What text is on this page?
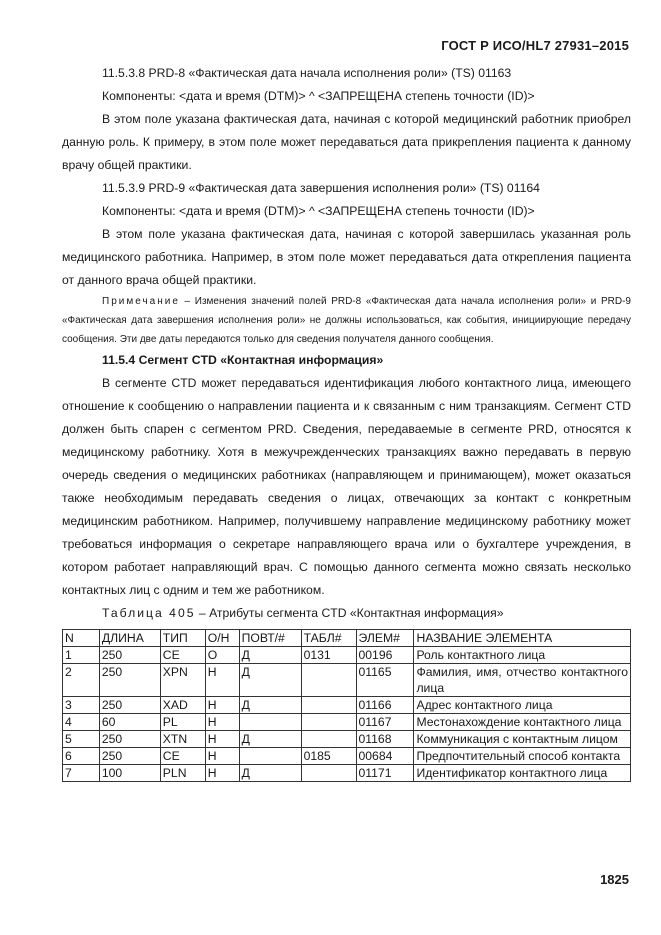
ГОСТ Р ИСО/HL7 27931–2015

11.5.3.8 PRD-8 «Фактическая дата начала исполнения роли» (TS) 01163

Компоненты: <дата и время (DTM)> ^ <ЗАПРЕЩЕНА степень точности (ID)>

В этом поле указана фактическая дата, начиная с которой медицинский работник приобрел данную роль. К примеру, в этом поле может передаваться дата прикрепления пациента к данному врачу общей практики.

11.5.3.9 PRD-9 «Фактическая дата завершения исполнения роли» (TS) 01164

Компоненты: <дата и время (DTM)> ^ <ЗАПРЕЩЕНА степень точности (ID)>

В этом поле указана фактическая дата, начиная с которой завершилась указанная роль медицинского работника. Например, в этом поле может передаваться дата открепления пациента от данного врача общей практики.

Примечание – Изменения значений полей PRD-8 «Фактическая дата начала исполнения роли» и PRD-9 «Фактическая дата завершения исполнения роли» не должны использоваться, как события, инициирующие передачу сообщения. Эти две даты передаются только для сведения получателя данного сообщения.

11.5.4 Сегмент CTD «Контактная информация»

В сегменте CTD может передаваться идентификация любого контактного лица, имеющего отношение к сообщению о направлении пациента и к связанным с ним транзакциям. Сегмент CTD должен быть спарен с сегментом PRD. Сведения, передаваемые в сегменте PRD, относятся к медицинскому работнику. Хотя в межучрежденческих транзакциях важно передавать в первую очередь сведения о медицинских работниках (направляющем и принимающем), может оказаться также необходимым передавать сведения о лицах, отвечающих за контакт с конкретным медицинским работником. Например, получившему направление медицинскому работнику может требоваться информация о секретаре направляющего врача или о бухгалтере учреждения, в котором работает направляющий врач. С помощью данного сегмента можно связать несколько контактных лиц с одним и тем же работником.

Таблица 405 – Атрибуты сегмента CTD «Контактная информация»

N	ДЛИНА	ТИП	О/Н	ПОВТ/#	ТАБЛ#	ЭЛЕМ#	НАЗВАНИЕ ЭЛЕМЕНТА
1	250	CE	О	Д	0131	00196	Роль контактного лица
2	250	XPN	Н	Д		01165	Фамилия, имя, отчество контактного лица
3	250	XAD	Н	Д		01166	Адрес контактного лица
4	60	PL	Н			01167	Местонахождение контактного лица
5	250	XTN	Н	Д		01168	Коммуникация с контактным лицом
6	250	CE	Н		0185	00684	Предпочтительный способ контакта
7	100	PLN	Н	Д		01171	Идентификатор контактного лица
1825
